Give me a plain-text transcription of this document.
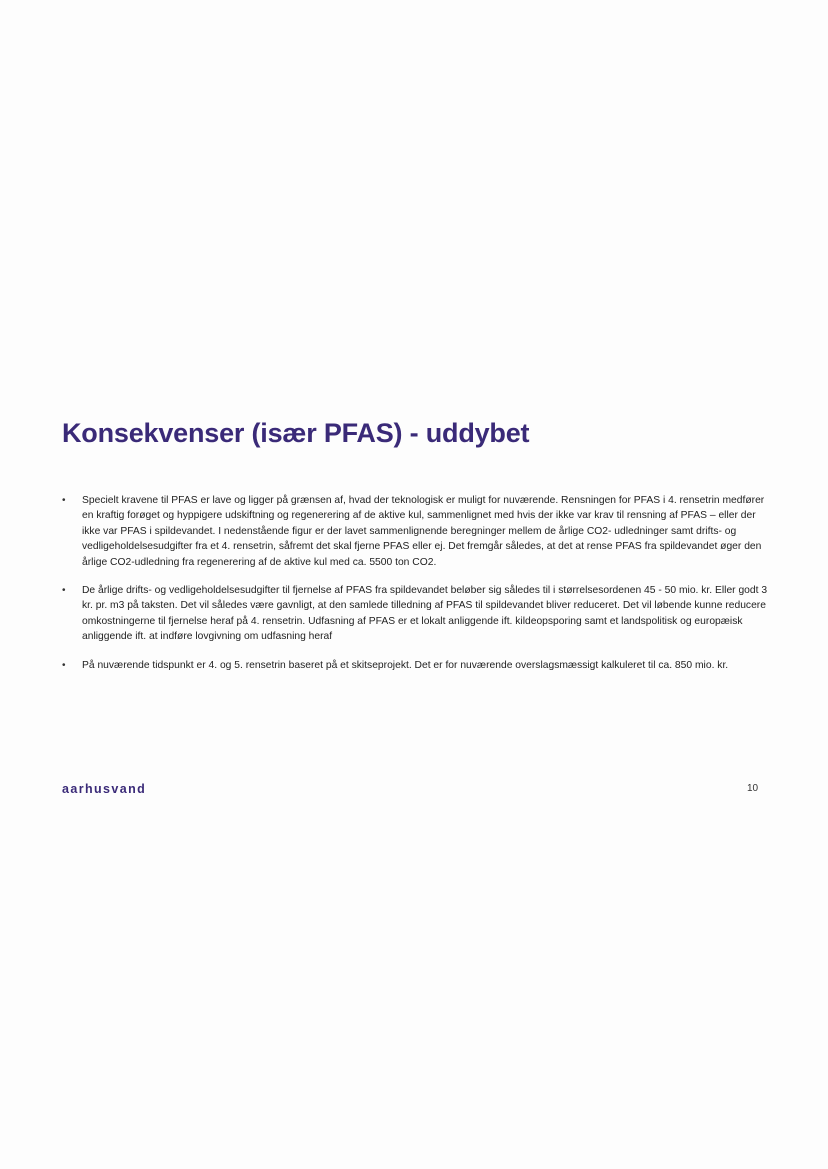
Konsekvenser (især PFAS) - uddybet
•	Specielt kravene til PFAS er lave og ligger på grænsen af, hvad der teknologisk er muligt for nuværende. Rensningen for PFAS i 4. rensetrin medfører en kraftig forøget og hyppigere udskiftning og regenerering af de aktive kul, sammenlignet med hvis der ikke var krav til rensning af PFAS – eller der ikke var PFAS i spildevandet. I nedenstående figur er der lavet sammenlignende beregninger mellem de årlige CO2- udledninger samt drifts- og vedligeholdelsesudgifter fra et 4. rensetrin, såfremt det skal fjerne PFAS eller ej. Det fremgår således, at det at rense PFAS fra spildevandet øger den årlige CO2-udledning fra regenerering af de aktive kul med ca. 5500 ton CO2.
•	De årlige drifts- og vedligeholdelsesudgifter til fjernelse af PFAS fra spildevandet beløber sig således til i størrelsesordenen 45 - 50 mio. kr. Eller godt 3 kr. pr. m3 på taksten. Det vil således være gavnligt, at den samlede tilledning af PFAS til spildevandet bliver reduceret. Det vil løbende kunne reducere omkostningerne til fjernelse heraf på 4. rensetrin. Udfasning af PFAS er et lokalt anliggende ift. kildeopsporing samt et landspolitisk og europæisk anliggende ift. at indføre lovgivning om udfasning heraf
•	På nuværende tidspunkt er 4. og 5. rensetrin baseret på et skitseprojekt. Det er for nuværende overslagsmæssigt kalkuleret til ca. 850 mio. kr.
aarhusvand	10
